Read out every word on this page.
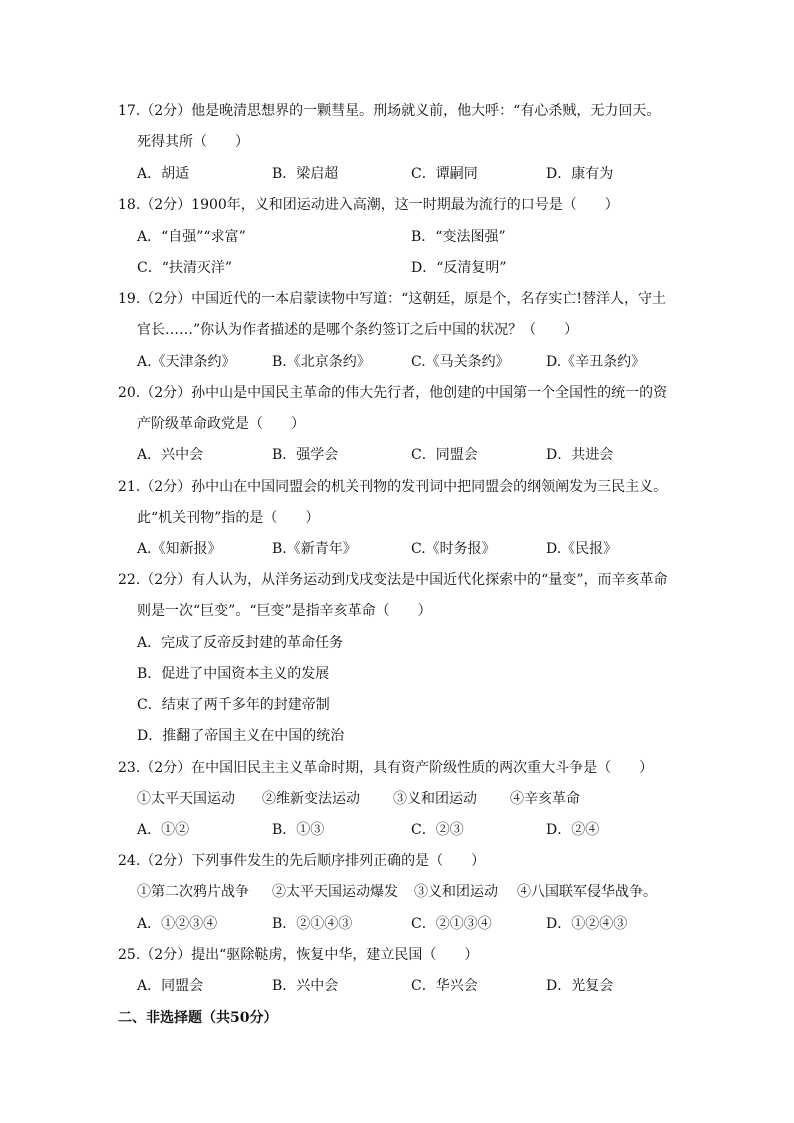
17.（2分）他是晚清思想界的一颗彗星。刑场就义前，他大呼：“有心杀贼，无力回天。
死得其所（　　）
A．胡适	B．梁启超	C．谭嗣同	D．康有为
18.（2分）1900年，义和团运动进入高潮，这一时期最为流行的口号是（　　）
A．“自强”“求富”	B．“变法图强”
C．“扶清灭洋”	D．“反清复明”
19.（2分）中国近代的一本启蒙读物中写道：“这朝廷，原是个，名存实亡!替洋人，守土
官长……”你认为作者描述的是哪个条约签订之后中国的状况？（　　）
A.《天津条约》	B.《北京条约》	C.《马关条约》	D.《辛丑条约》
20.（2分）孙中山是中国民主革命的伟大先行者，他创建的中国第一个全国性的统一的资
产阶级革命政党是（　　）
A．兴中会	B．强学会	C．同盟会	D．共进会
21.（2分）孙中山在中国同盟会的机关刊物的发刊词中把同盟会的纲领阐发为三民主义。
此“机关刊物”指的是（　　）
A.《知新报》	B.《新青年》	C.《时务报》	D.《民报》
22.（2分）有人认为，从洋务运动到戊戌变法是中国近代化探索中的“量变”，而辛亥革命
则是一次“巨变”。“巨变”是指辛亥革命（　　）
A．完成了反帝反封建的革命任务
B．促进了中国资本主义的发展
C．结束了两千多年的封建帝制
D．推翻了帝国主义在中国的统治
23.（2分）在中国旧民主主义革命时期，具有资产阶级性质的两次重大斗争是（　　）
①太平天国运动 ②维新变法运动 ③义和团运动 ④辛亥革命
A．①②	B．①③	C．②③	D．②④
24.（2分）下列事件发生的先后顺序排列正确的是（　　）
①第二次鸦片战争 ②太平天国运动爆发 ③义和团运动 ④八国联军侵华战争。
A．①②③④	B．②①④③	C．②①③④	D．①②④③
25.（2分）提出“驱除鞑虏，恢复中华，建立民国（　　）
A．同盟会	B．兴中会	C．华兴会	D．光复会
二、非选择题（共50分）
